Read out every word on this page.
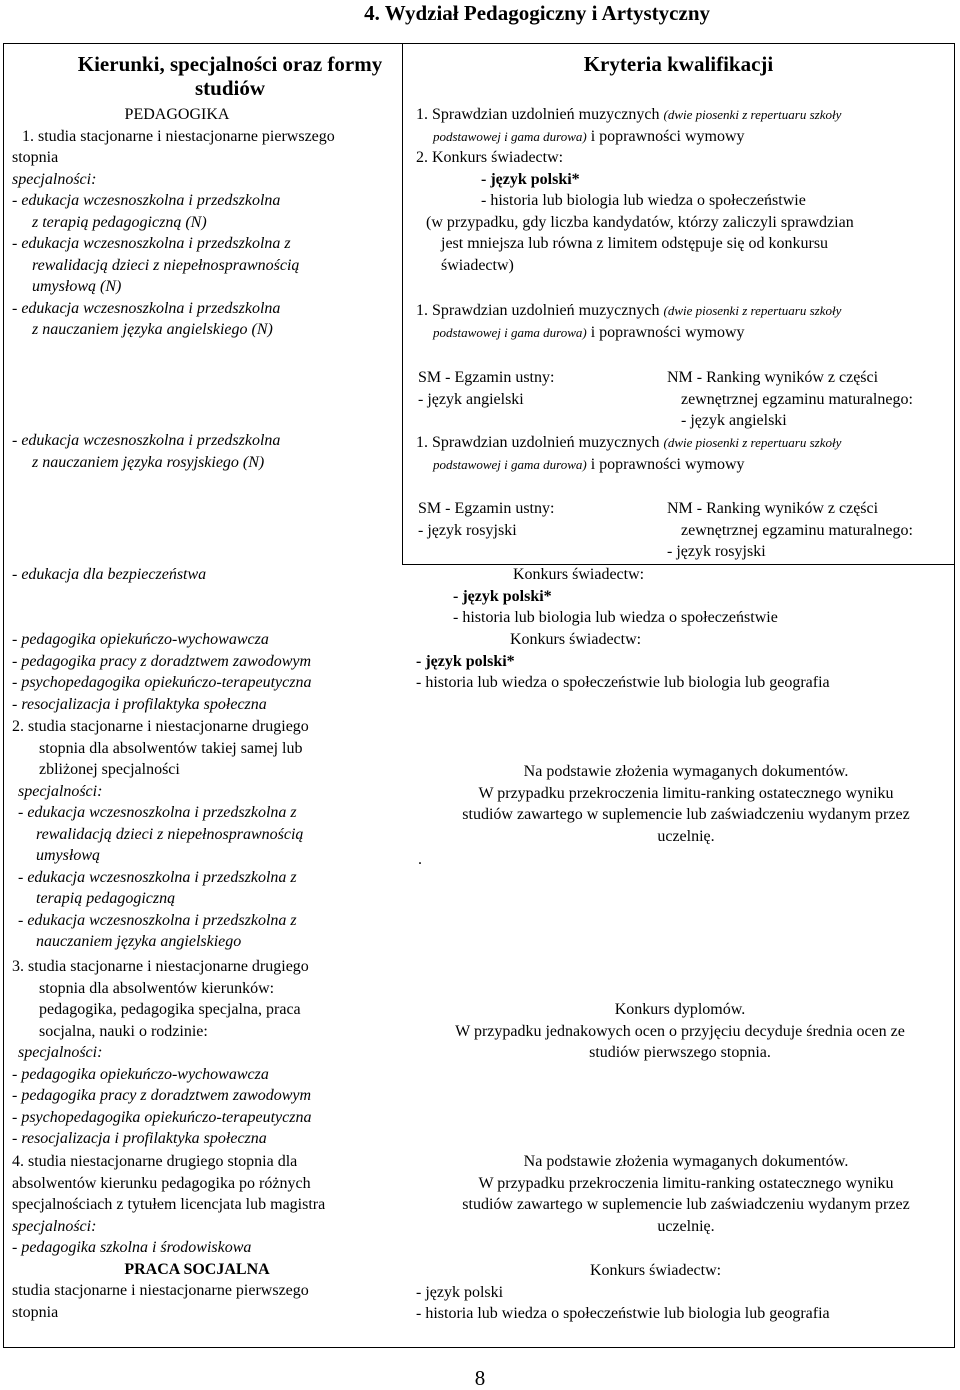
4. Wydział Pedagogiczny i Artystyczny
Kierunki, specjalności oraz formy studiów
Kryteria kwalifikacji

PEDAGOGIKA

1. studia stacjonarne i niestacjonarne pierwszego

stopnia

specjalności:

- edukacja wczesnoszkolna i przedszkolna

z terapią pedagogiczną (N)

- edukacja wczesnoszkolna i przedszkolna z

rewalidacją dzieci z niepełnosprawnością

umysłową (N)

- edukacja wczesnoszkolna i przedszkolna

z nauczaniem języka angielskiego (N)

- edukacja wczesnoszkolna i przedszkolna

z nauczaniem języka rosyjskiego (N)

- edukacja dla bezpieczeństwa

- pedagogika opiekuńczo-wychowawcza

- pedagogika pracy z doradztwem zawodowym

- psychopedagogika opiekuńczo-terapeutyczna

- resocjalizacja i profilaktyka społeczna

2. studia stacjonarne i niestacjonarne drugiego

stopnia dla absolwentów takiej samej lub

zbliżonej specjalności

specjalności:

- edukacja wczesnoszkolna i przedszkolna z

rewalidacją dzieci z niepełnosprawnością

umysłową

- edukacja wczesnoszkolna i przedszkolna z

terapią pedagogiczną

- edukacja wczesnoszkolna i przedszkolna z

nauczaniem języka angielskiego

3. studia stacjonarne i niestacjonarne drugiego

stopnia dla absolwentów kierunków:

pedagogika, pedagogika specjalna, praca

socjalna, nauki o rodzinie:

specjalności:

- pedagogika opiekuńczo-wychowawcza

- pedagogika pracy z doradztwem zawodowym

- psychopedagogika opiekuńczo-terapeutyczna

- resocjalizacja i profilaktyka społeczna

4. studia niestacjonarne drugiego stopnia dla

absolwentów kierunku pedagogika po różnych

specjalnościach z tytułem licencjata lub magistra

specjalności:

- pedagogika szkolna i środowiskowa

PRACA SOCJALNA

studia stacjonarne i niestacjonarne pierwszego

stopnia

1. Sprawdzian uzdolnień muzycznych (dwie piosenki z repertuaru szkoły

podstawowej i gama durowa) i poprawności wymowy

2. Konkurs świadectw:

- język polski*

- historia lub biologia lub wiedza o społeczeństwie

(w przypadku, gdy liczba kandydatów, którzy zaliczyli sprawdzian

jest mniejsza lub równa z limitem odstępuje się od konkursu

świadectw)

1. Sprawdzian uzdolnień muzycznych (dwie piosenki z repertuaru szkoły

podstawowej i gama durowa) i poprawności wymowy

SM - Egzamin ustny:

- język angielski

NM - Ranking wyników z części

zewnętrznej egzaminu maturalnego:

- język angielski

1. Sprawdzian uzdolnień muzycznych (dwie piosenki z repertuaru szkoły

podstawowej i gama durowa) i poprawności wymowy

SM - Egzamin ustny:

- język rosyjski

NM - Ranking wyników z części

zewnętrznej egzaminu maturalnego:

- język rosyjski

Konkurs świadectw:

- język polski*

- historia lub biologia lub wiedza o społeczeństwie

Konkurs świadectw:

- język polski*

- historia lub wiedza o społeczeństwie lub biologia lub geografia

Na podstawie złożenia wymaganych dokumentów.

W przypadku przekroczenia limitu-ranking ostatecznego wyniku

studiów zawartego w suplemencie lub zaświadczeniu wydanym przez

uczelnię.

.

Konkurs dyplomów.

W przypadku jednakowych ocen o przyjęciu decyduje średnia ocen ze

studiów pierwszego stopnia.

Na podstawie złożenia wymaganych dokumentów.

W przypadku przekroczenia limitu-ranking ostatecznego wyniku

studiów zawartego w suplemencie lub zaświadczeniu wydanym przez

uczelnię.

Konkurs świadectw:

- język polski

- historia lub wiedza o społeczeństwie lub biologia lub geografia

8
